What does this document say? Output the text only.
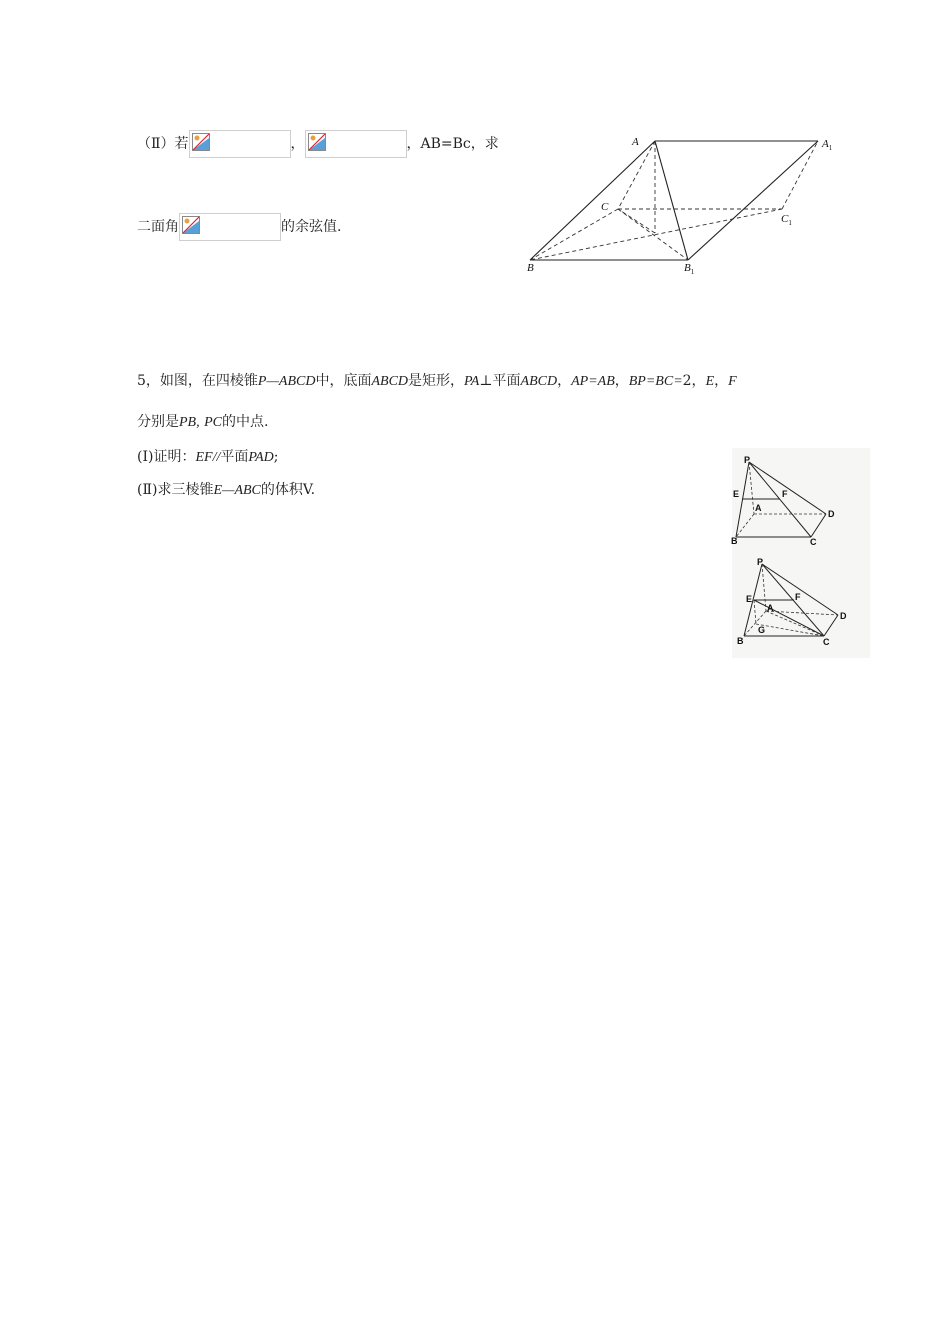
（Ⅱ）若	，	，AB=Bc，求
二面角	的余弦值.
A	$A_1$
C
$C_1$
B	$B_1$
5，如图，在四棱锥P—ABCD中，底面ABCD是矩形，PA⊥平面ABCD，AP=AB，BP=BC=2，E，F
分别是PB, PC的中点.
(Ⅰ)证明：EF//平面PAD;
(Ⅱ)求三棱锥E—ABC的体积V.
P
E	F
A
D
B	C
P
E	F
A
D
G
B	C
